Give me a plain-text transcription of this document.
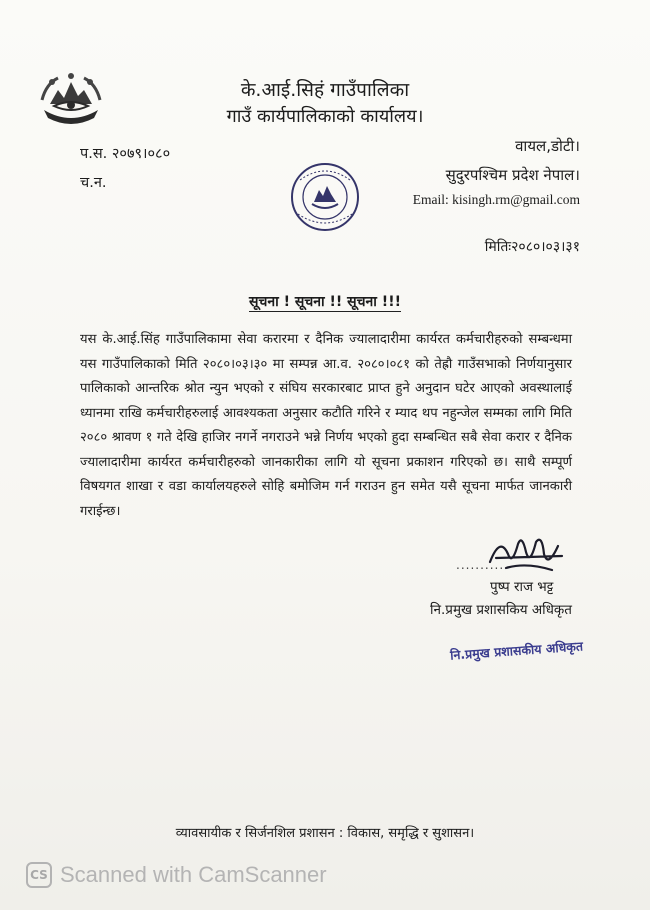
के.आई.सिहं गाउँपालिका
गाउँ कार्यपालिकाको कार्यालय।
प.स. २०७९।०८०
च.न.
वायल,डोटी।
सुदुरपश्चिम प्रदेश नेपाल।
Email: kisingh.rm@gmail.com
मितिः२०८०।०३।३१
सूचना ! सूचना !! सूचना !!!
यस के.आई.सिंह गाउँपालिकामा सेवा करारमा र दैनिक ज्यालादारीमा कार्यरत कर्मचारीहरुको सम्बन्धमा यस गाउँपालिकाको मिति २०८०।०३।३० मा सम्पन्न आ.व. २०८०।०८१ को तेह्रौ गाउँसभाको निर्णयानुसार पालिकाको आन्तरिक श्रोत न्युन भएको र संघिय सरकारबाट प्राप्त हुने अनुदान घटेर आएको अवस्थालाई ध्यानमा राखि कर्मचारीहरुलाई आवश्यकता अनुसार कटौति गरिने र म्याद थप नहुन्जेल सम्मका लागि मिति २०८० श्रावण १ गते देखि हाजिर नगर्ने नगराउने भन्ने निर्णय भएको हुदा सम्बन्धित सबै सेवा करार र दैनिक ज्यालादारीमा कार्यरत कर्मचारीहरुको जानकारीका लागि यो सूचना प्रकाशन गरिएको छ। साथै सम्पूर्ण विषयगत शाखा र वडा कार्यालयहरुले सोहि बमोजिम गर्न गराउन हुन समेत यसै सूचना मार्फत जानकारी गराईन्छ।
..........
पुष्प राज भट्ट
नि.प्रमुख प्रशासकिय अधिकृत
नि.प्रमुख प्रशासकीय अधिकृत
व्यावसायीक र सिर्जनशिल प्रशासन : विकास, समृद्धि र सुशासन।
CS Scanned with CamScanner
